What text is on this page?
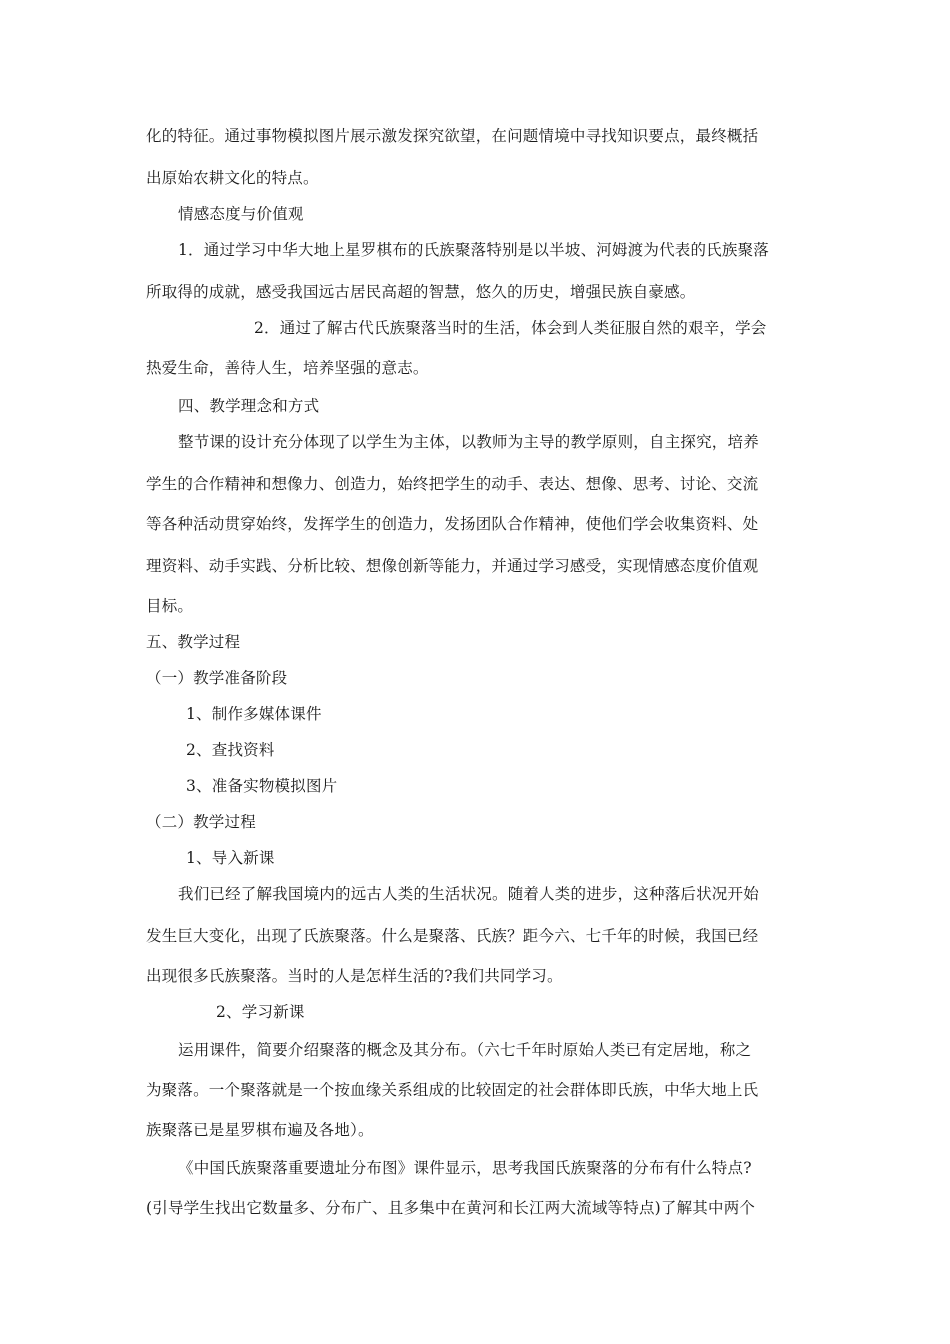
化的特征。通过事物模拟图片展示激发探究欲望，在问题情境中寻找知识要点，最终概括
出原始农耕文化的特点。
情感态度与价值观
1．通过学习中华大地上星罗棋布的氏族聚落特别是以半坡、河姆渡为代表的氏族聚落
所取得的成就，感受我国远古居民高超的智慧，悠久的历史，增强民族自豪感。
2．通过了解古代氏族聚落当时的生活，体会到人类征服自然的艰辛，学会
热爱生命，善待人生，培养坚强的意志。
四、教学理念和方式
整节课的设计充分体现了以学生为主体，以教师为主导的教学原则，自主探究，培养
学生的合作精神和想像力、创造力，始终把学生的动手、表达、想像、思考、讨论、交流
等各种活动贯穿始终，发挥学生的创造力，发扬团队合作精神，使他们学会收集资料、处
理资料、动手实践、分析比较、想像创新等能力，并通过学习感受，实现情感态度价值观
目标。
五、教学过程
（一）教学准备阶段
1、制作多媒体课件
2、查找资料
3、准备实物模拟图片
（二）教学过程
1、导入新课
我们已经了解我国境内的远古人类的生活状况。随着人类的进步，这种落后状况开始
发生巨大变化，出现了氏族聚落。什么是聚落、氏族？距今六、七千年的时候，我国已经
出现很多氏族聚落。当时的人是怎样生活的?我们共同学习。
2、学习新课
运用课件，简要介绍聚落的概念及其分布。（六七千年时原始人类已有定居地，称之
为聚落。一个聚落就是一个按血缘关系组成的比较固定的社会群体即氏族，中华大地上氏
族聚落已是星罗棋布遍及各地）。
《中国氏族聚落重要遗址分布图》课件显示，思考我国氏族聚落的分布有什么特点?
(引导学生找出它数量多、分布广、且多集中在黄河和长江两大流域等特点)了解其中两个
